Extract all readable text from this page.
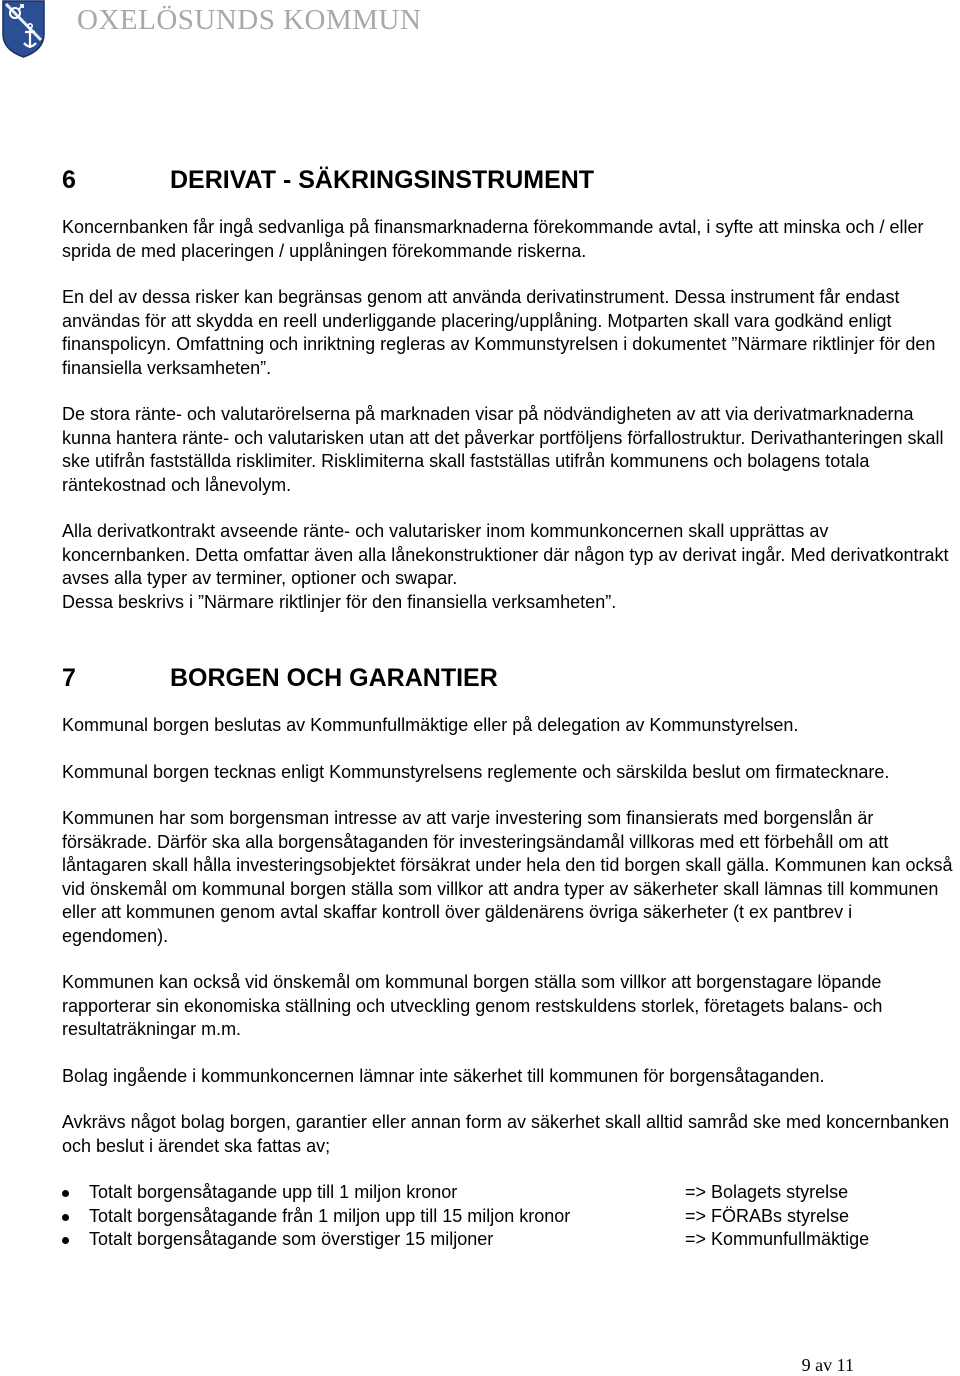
OXELÖSUNDS KOMMUN
6	DERIVAT - SÄKRINGSINSTRUMENT

Koncernbanken får ingå sedvanliga på finansmarknaderna förekommande avtal, i syfte att minska och / eller sprida de med placeringen / upplåningen förekommande riskerna.

En del av dessa risker kan begränsas genom att använda derivatinstrument. Dessa instrument får endast användas för att skydda en reell underliggande placering/upplåning. Motparten skall vara godkänd enligt finanspolicyn. Omfattning och inriktning regleras av Kommunstyrelsen i dokumentet ”Närmare riktlinjer för den finansiella verksamheten”.

De stora ränte- och valutarörelserna på marknaden visar på nödvändigheten av att via derivatmarknaderna kunna hantera ränte- och valutarisken utan att det påverkar portföljens förfallostruktur. Derivathanteringen skall ske utifrån fastställda risklimiter. Risklimiterna skall fastställas utifrån kommunens och bolagens totala räntekostnad och lånevolym.

Alla derivatkontrakt avseende ränte- och valutarisker inom kommunkoncernen skall upprättas av koncernbanken. Detta omfattar även alla lånekonstruktioner där någon typ av derivat ingår. Med derivatkontrakt avses alla typer av terminer, optioner och swapar.

Dessa beskrivs i ”Närmare riktlinjer för den finansiella verksamheten”.

7	BORGEN OCH GARANTIER

Kommunal borgen beslutas av Kommunfullmäktige eller på delegation av Kommunstyrelsen.

Kommunal borgen tecknas enligt Kommunstyrelsens reglemente och särskilda beslut om firmatecknare.

Kommunen har som borgensman intresse av att varje investering som finansierats med borgenslån är försäkrade. Därför ska alla borgensåtaganden för investeringsändamål villkoras med ett förbehåll om att låntagaren skall hålla investeringsobjektet försäkrat under hela den tid borgen skall gälla. Kommunen kan också vid önskemål om kommunal borgen ställa som villkor att andra typer av säkerheter skall lämnas till kommunen eller att kommunen genom avtal skaffar kontroll över gäldenärens övriga säkerheter (t ex pantbrev i egendomen).

Kommunen kan också vid önskemål om kommunal borgen ställa som villkor att borgenstagare löpande rapporterar sin ekonomiska ställning och utveckling genom restskuldens storlek, företagets balans- och resultaträkningar m.m.

Bolag ingående i kommunkoncernen lämnar inte säkerhet till kommunen för borgensåtaganden.

Avkrävs något bolag borgen, garantier eller annan form av säkerhet skall alltid samråd ske med koncernbanken och beslut i ärendet ska fattas av;

Totalt borgensåtagande upp till 1 miljon kronor	=> Bolagets styrelse
Totalt borgensåtagande från 1 miljon upp till 15 miljon kronor	=> FÖRABs styrelse
Totalt borgensåtagande som överstiger 15 miljoner	=> Kommunfullmäktige
9 av 11
